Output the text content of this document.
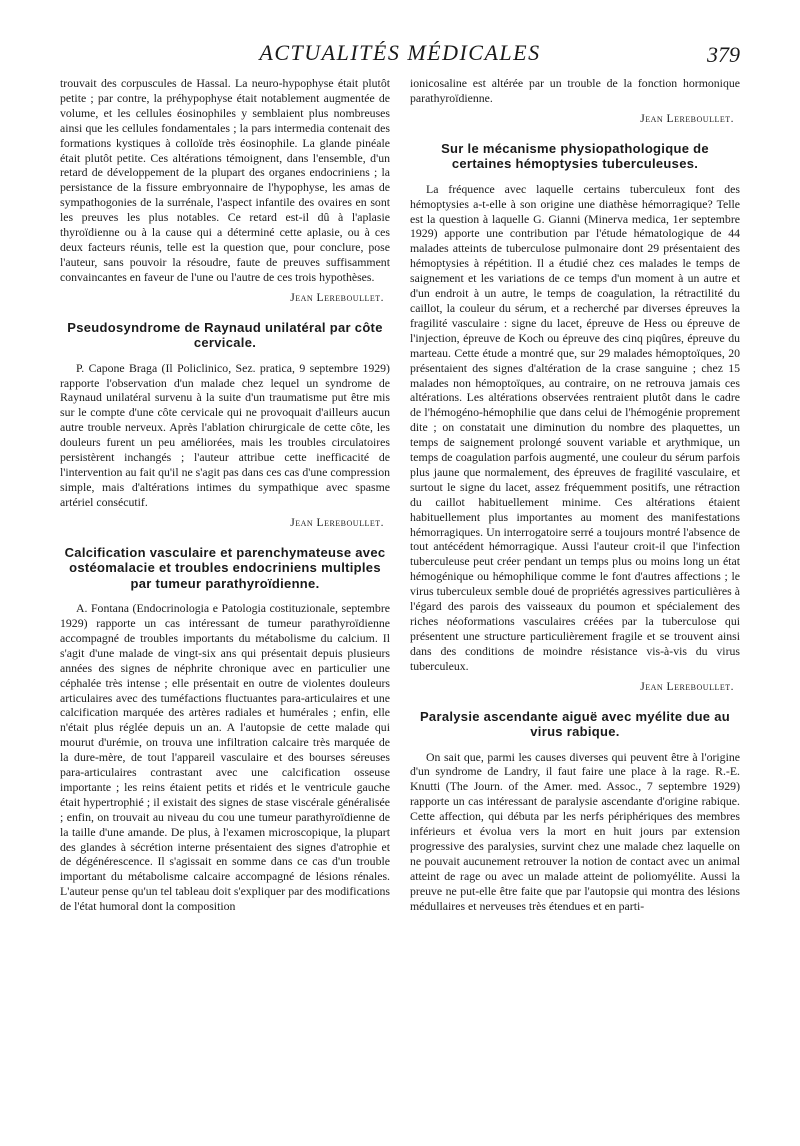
ACTUALITÉS MÉDICALES	379

trouvait des corpuscules de Hassal. La neuro-hypophyse était plutôt petite ; par contre, la préhypophyse était notablement augmentée de volume, et les cellules éosinophiles y semblaient plus nombreuses ainsi que les cellules fondamentales ; la pars intermedia contenait des formations kystiques à colloïde très éosinophile. La glande pinéale était plutôt petite. Ces altérations témoignent, dans l'ensemble, d'un retard de développement de la plupart des organes endocriniens ; la persistance de la fissure embryonnaire de l'hypophyse, les amas de sympathogonies de la surrénale, l'aspect infantile des ovaires en sont les preuves les plus notables. Ce retard est-il dû à l'aplasie thyroïdienne ou à la cause qui a déterminé cette aplasie, ou à ces deux facteurs réunis, telle est la question que, pour conclure, pose l'auteur, sans pouvoir la résoudre, faute de preuves suffisamment convaincantes en faveur de l'une ou l'autre de ces trois hypothèses.

Jean Lereboullet.
Pseudosyndrome de Raynaud unilatéral par côte cervicale.

P. Capone Braga (Il Policlinico, Sez. pratica, 9 septembre 1929) rapporte l'observation d'un malade chez lequel un syndrome de Raynaud unilatéral survenu à la suite d'un traumatisme put être mis sur le compte d'une côte cervicale qui ne provoquait d'ailleurs aucun autre trouble nerveux. Après l'ablation chirurgicale de cette côte, les douleurs furent un peu améliorées, mais les troubles circulatoires persistèrent inchangés ; l'auteur attribue cette inefficacité de l'intervention au fait qu'il ne s'agit pas dans ces cas d'une compression simple, mais d'altérations intimes du sympathique avec spasme artériel consécutif.

Jean Lereboullet.
Calcification vasculaire et parenchymateuse avec ostéomalacie et troubles endocriniens multiples par tumeur parathyroïdienne.

A. Fontana (Endocrinologia e Patologia costituzionale, septembre 1929) rapporte un cas intéressant de tumeur parathyroïdienne accompagné de troubles importants du métabolisme du calcium. Il s'agit d'une malade de vingt-six ans qui présentait depuis plusieurs années des signes de néphrite chronique avec en particulier une céphalée très intense ; elle présentait en outre de violentes douleurs articulaires avec des tuméfactions fluctuantes para-articulaires et une calcification marquée des artères radiales et humérales ; enfin, elle n'était plus réglée depuis un an. A l'autopsie de cette malade qui mourut d'urémie, on trouva une infiltration calcaire très marquée de la dure-mère, de tout l'appareil vasculaire et des bourses séreuses para-articulaires contrastant avec une calcification osseuse importante ; les reins étaient petits et ridés et le ventricule gauche était hypertrophié ; il existait des signes de stase viscérale généralisée ; enfin, on trouvait au niveau du cou une tumeur parathyroïdienne de la taille d'une amande. De plus, à l'examen microscopique, la plupart des glandes à sécrétion interne présentaient des signes d'atrophie et de dégénérescence. Il s'agissait en somme dans ce cas d'un trouble important du métabolisme calcaire accompagné de lésions rénales. L'auteur pense qu'un tel tableau doit s'expliquer par des modifications de l'état humoral dont la composition

ionicosaline est altérée par un trouble de la fonction hormonique parathyroïdienne.

Jean Lereboullet.
Sur le mécanisme physiopathologique de certaines hémoptysies tuberculeuses.

La fréquence avec laquelle certains tuberculeux font des hémoptysies a-t-elle à son origine une diathèse hémorragique? Telle est la question à laquelle G. Gianni (Minerva medica, 1er septembre 1929) apporte une contribution par l'étude hématologique de 44 malades atteints de tuberculose pulmonaire dont 29 présentaient des hémoptysies à répétition. Il a étudié chez ces malades le temps de saignement et les variations de ce temps d'un moment à un autre et d'un endroit à un autre, le temps de coagulation, la rétractilité du caillot, la couleur du sérum, et a recherché par diverses épreuves la fragilité vasculaire : signe du lacet, épreuve de Hess ou épreuve de l'injection, épreuve de Koch ou épreuve des cinq piqûres, épreuve du marteau. Cette étude a montré que, sur 29 malades hémoptoïques, 20 présentaient des signes d'altération de la crase sanguine ; chez 15 malades non hémoptoïques, au contraire, on ne retrouva jamais ces altérations. Les altérations observées rentraient plutôt dans le cadre de l'hémogéno-hémophilie que dans celui de l'hémogénie proprement dite ; on constatait une diminution du nombre des plaquettes, un temps de saignement prolongé souvent variable et arythmique, un temps de coagulation parfois augmenté, une couleur du sérum parfois plus jaune que normalement, des épreuves de fragilité vasculaire, et surtout le signe du lacet, assez fréquemment positifs, une rétraction du caillot habituellement minime. Ces altérations étaient habituellement plus importantes au moment des manifestations hémorragiques. Un interrogatoire serré a toujours montré l'absence de tout antécédent hémorragique. Aussi l'auteur croit-il que l'infection tuberculeuse peut créer pendant un temps plus ou moins long un état hémogénique ou hémophilique comme le font d'autres affections ; le virus tuberculeux semble doué de propriétés agressives particulières à l'égard des parois des vaisseaux du poumon et spécialement des riches néoformations vasculaires créées par la tuberculose qui présentent une structure particulièrement fragile et se trouvent ainsi dans des conditions de moindre résistance vis-à-vis du virus tuberculeux.

Jean Lereboullet.
Paralysie ascendante aiguë avec myélite due au virus rabique.

On sait que, parmi les causes diverses qui peuvent être à l'origine d'un syndrome de Landry, il faut faire une place à la rage. R.-E. Knutti (The Journ. of the Amer. med. Assoc., 7 septembre 1929) rapporte un cas intéressant de paralysie ascendante d'origine rabique. Cette affection, qui débuta par les nerfs périphériques des membres inférieurs et évolua vers la mort en huit jours par extension progressive des paralysies, survint chez une malade chez laquelle on ne pouvait aucunement retrouver la notion de contact avec un animal atteint de rage ou avec un malade atteint de poliomyélite. Aussi la preuve ne put-elle être faite que par l'autopsie qui montra des lésions médullaires et nerveuses très étendues et en parti-
